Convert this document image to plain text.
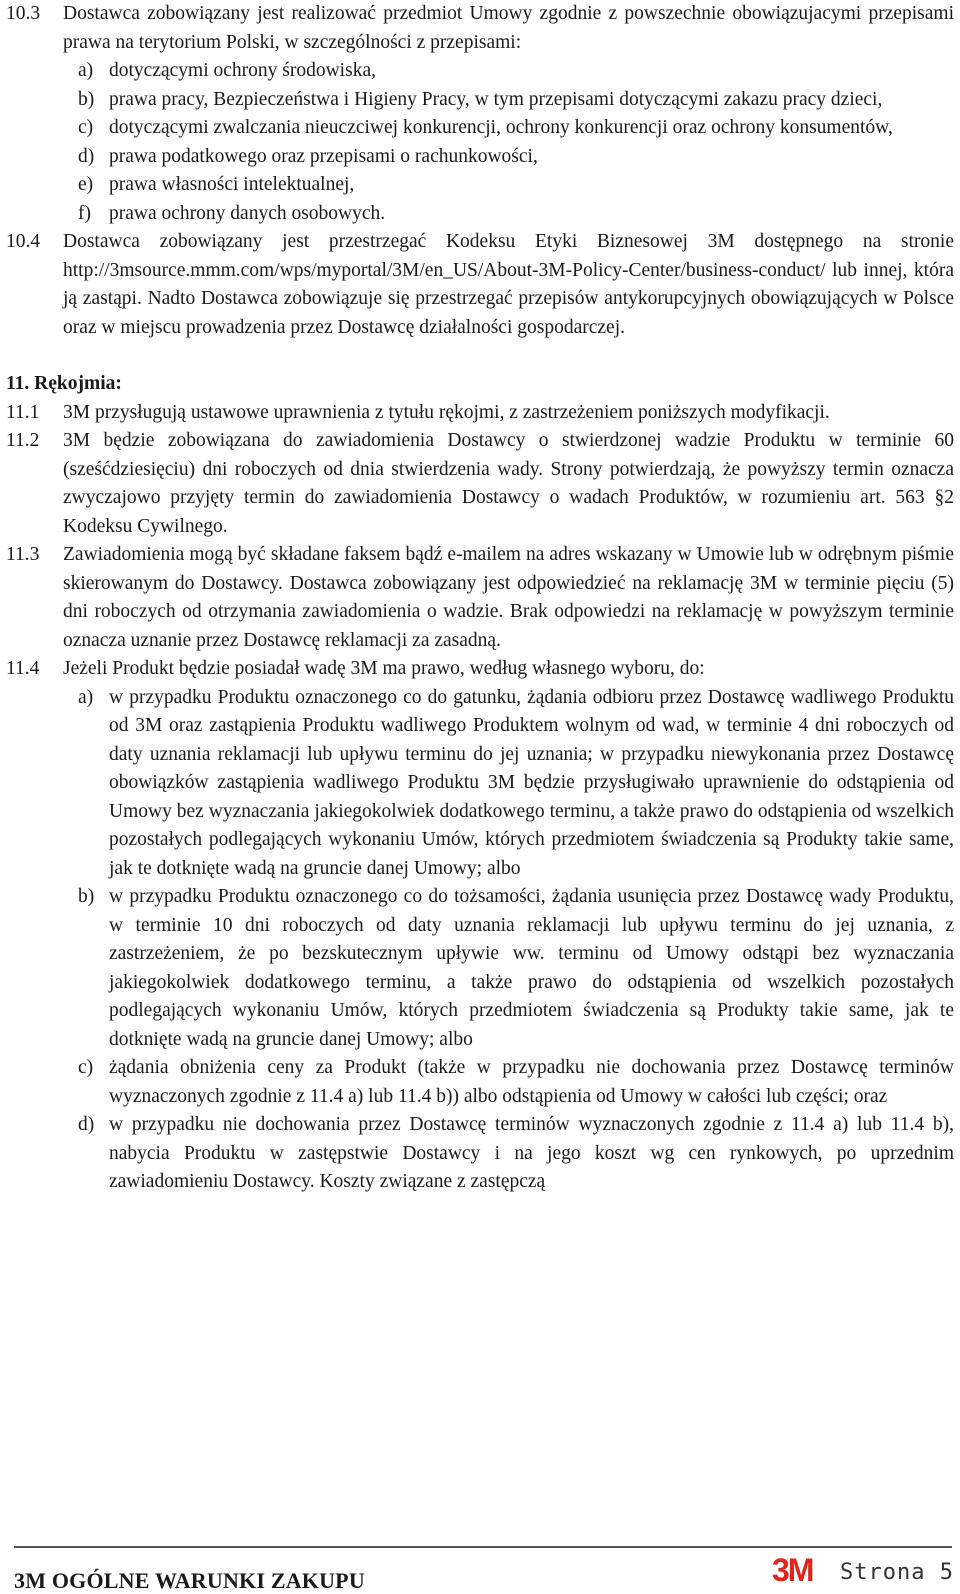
10.3 Dostawca zobowiązany jest realizować przedmiot Umowy zgodnie z powszechnie obowiązujacymi przepisami prawa na terytorium Polski, w szczególności z przepisami:
a) dotyczącymi ochrony środowiska,
b) prawa pracy, Bezpieczeństwa i Higieny Pracy, w tym przepisami dotyczącymi zakazu pracy dzieci,
c) dotyczącymi zwalczania nieuczciwej konkurencji, ochrony konkurencji oraz ochrony konsumentów,
d) prawa podatkowego oraz przepisami o rachunkowości,
e) prawa własności intelektualnej,
f) prawa ochrony danych osobowych.
10.4 Dostawca zobowiązany jest przestrzegać Kodeksu Etyki Biznesowej 3M dostępnego na stronie http://3msource.mmm.com/wps/myportal/3M/en_US/About-3M-Policy-Center/business-conduct/ lub innej, która ją zastąpi. Nadto Dostawca zobowiązuje się przestrzegać przepisów antykorupcyjnych obowiązujących w Polsce oraz w miejscu prowadzenia przez Dostawcę działalności gospodarczej.
11. Rękojmia:
11.1 3M przysługują ustawowe uprawnienia z tytułu rękojmi, z zastrzeżeniem poniższych modyfikacji.
11.2 3M będzie zobowiązana do zawiadomienia Dostawcy o stwierdzonej wadzie Produktu w terminie 60 (sześćdziesięciu) dni roboczych od dnia stwierdzenia wady. Strony potwierdzają, że powyższy termin oznacza zwyczajowo przyjęty termin do zawiadomienia Dostawcy o wadach Produktów, w rozumieniu art. 563 §2 Kodeksu Cywilnego.
11.3 Zawiadomienia mogą być składane faksem bądź e-mailem na adres wskazany w Umowie lub w odrębnym piśmie skierowanym do Dostawcy. Dostawca zobowiązany jest odpowiedzieć na reklamację 3M w terminie pięciu (5) dni roboczych od otrzymania zawiadomienia o wadzie. Brak odpowiedzi na reklamację w powyższym terminie oznacza uznanie przez Dostawcę reklamacji za zasadną.
11.4 Jeżeli Produkt będzie posiadał wadę 3M ma prawo, według własnego wyboru, do:
a) w przypadku Produktu oznaczonego co do gatunku, żądania odbioru przez Dostawcę wadliwego Produktu od 3M oraz zastąpienia Produktu wadliwego Produktem wolnym od wad, w terminie 4 dni roboczych od daty uznania reklamacji lub upływu terminu do jej uznania; w przypadku niewykonania przez Dostawcę obowiązków zastąpienia wadliwego Produktu 3M będzie przysługiwało uprawnienie do odstąpienia od Umowy bez wyznaczania jakiegokolwiek dodatkowego terminu, a także prawo do odstąpienia od wszelkich pozostałych podlegających wykonaniu Umów, których przedmiotem świadczenia są Produkty takie same, jak te dotknięte wadą na gruncie danej Umowy; albo
b) w przypadku Produktu oznaczonego co do tożsamości, żądania usunięcia przez Dostawcę wady Produktu, w terminie 10 dni roboczych od daty uznania reklamacji lub upływu terminu do jej uznania, z zastrzeżeniem, że po bezskutecznym upływie ww. terminu od Umowy odstąpi bez wyznaczania jakiegokolwiek dodatkowego terminu, a także prawo do odstąpienia od wszelkich pozostałych podlegających wykonaniu Umów, których przedmiotem świadczenia są Produkty takie same, jak te dotknięte wadą na gruncie danej Umowy; albo
c) żądania obniżenia ceny za Produkt (także w przypadku nie dochowania przez Dostawcę terminów wyznaczonych zgodnie z 11.4 a) lub 11.4 b)) albo odstąpienia od Umowy w całości lub części; oraz
d) w przypadku nie dochowania przez Dostawcę terminów wyznaczonych zgodnie z 11.4 a) lub 11.4 b), nabycia Produktu w zastępstwie Dostawcy i na jego koszt wg cen rynkowych, po uprzednim zawiadomieniu Dostawcy. Koszty związane z zastępczą
3M OGÓLNE WARUNKI ZAKUPU	3M Strona 5
